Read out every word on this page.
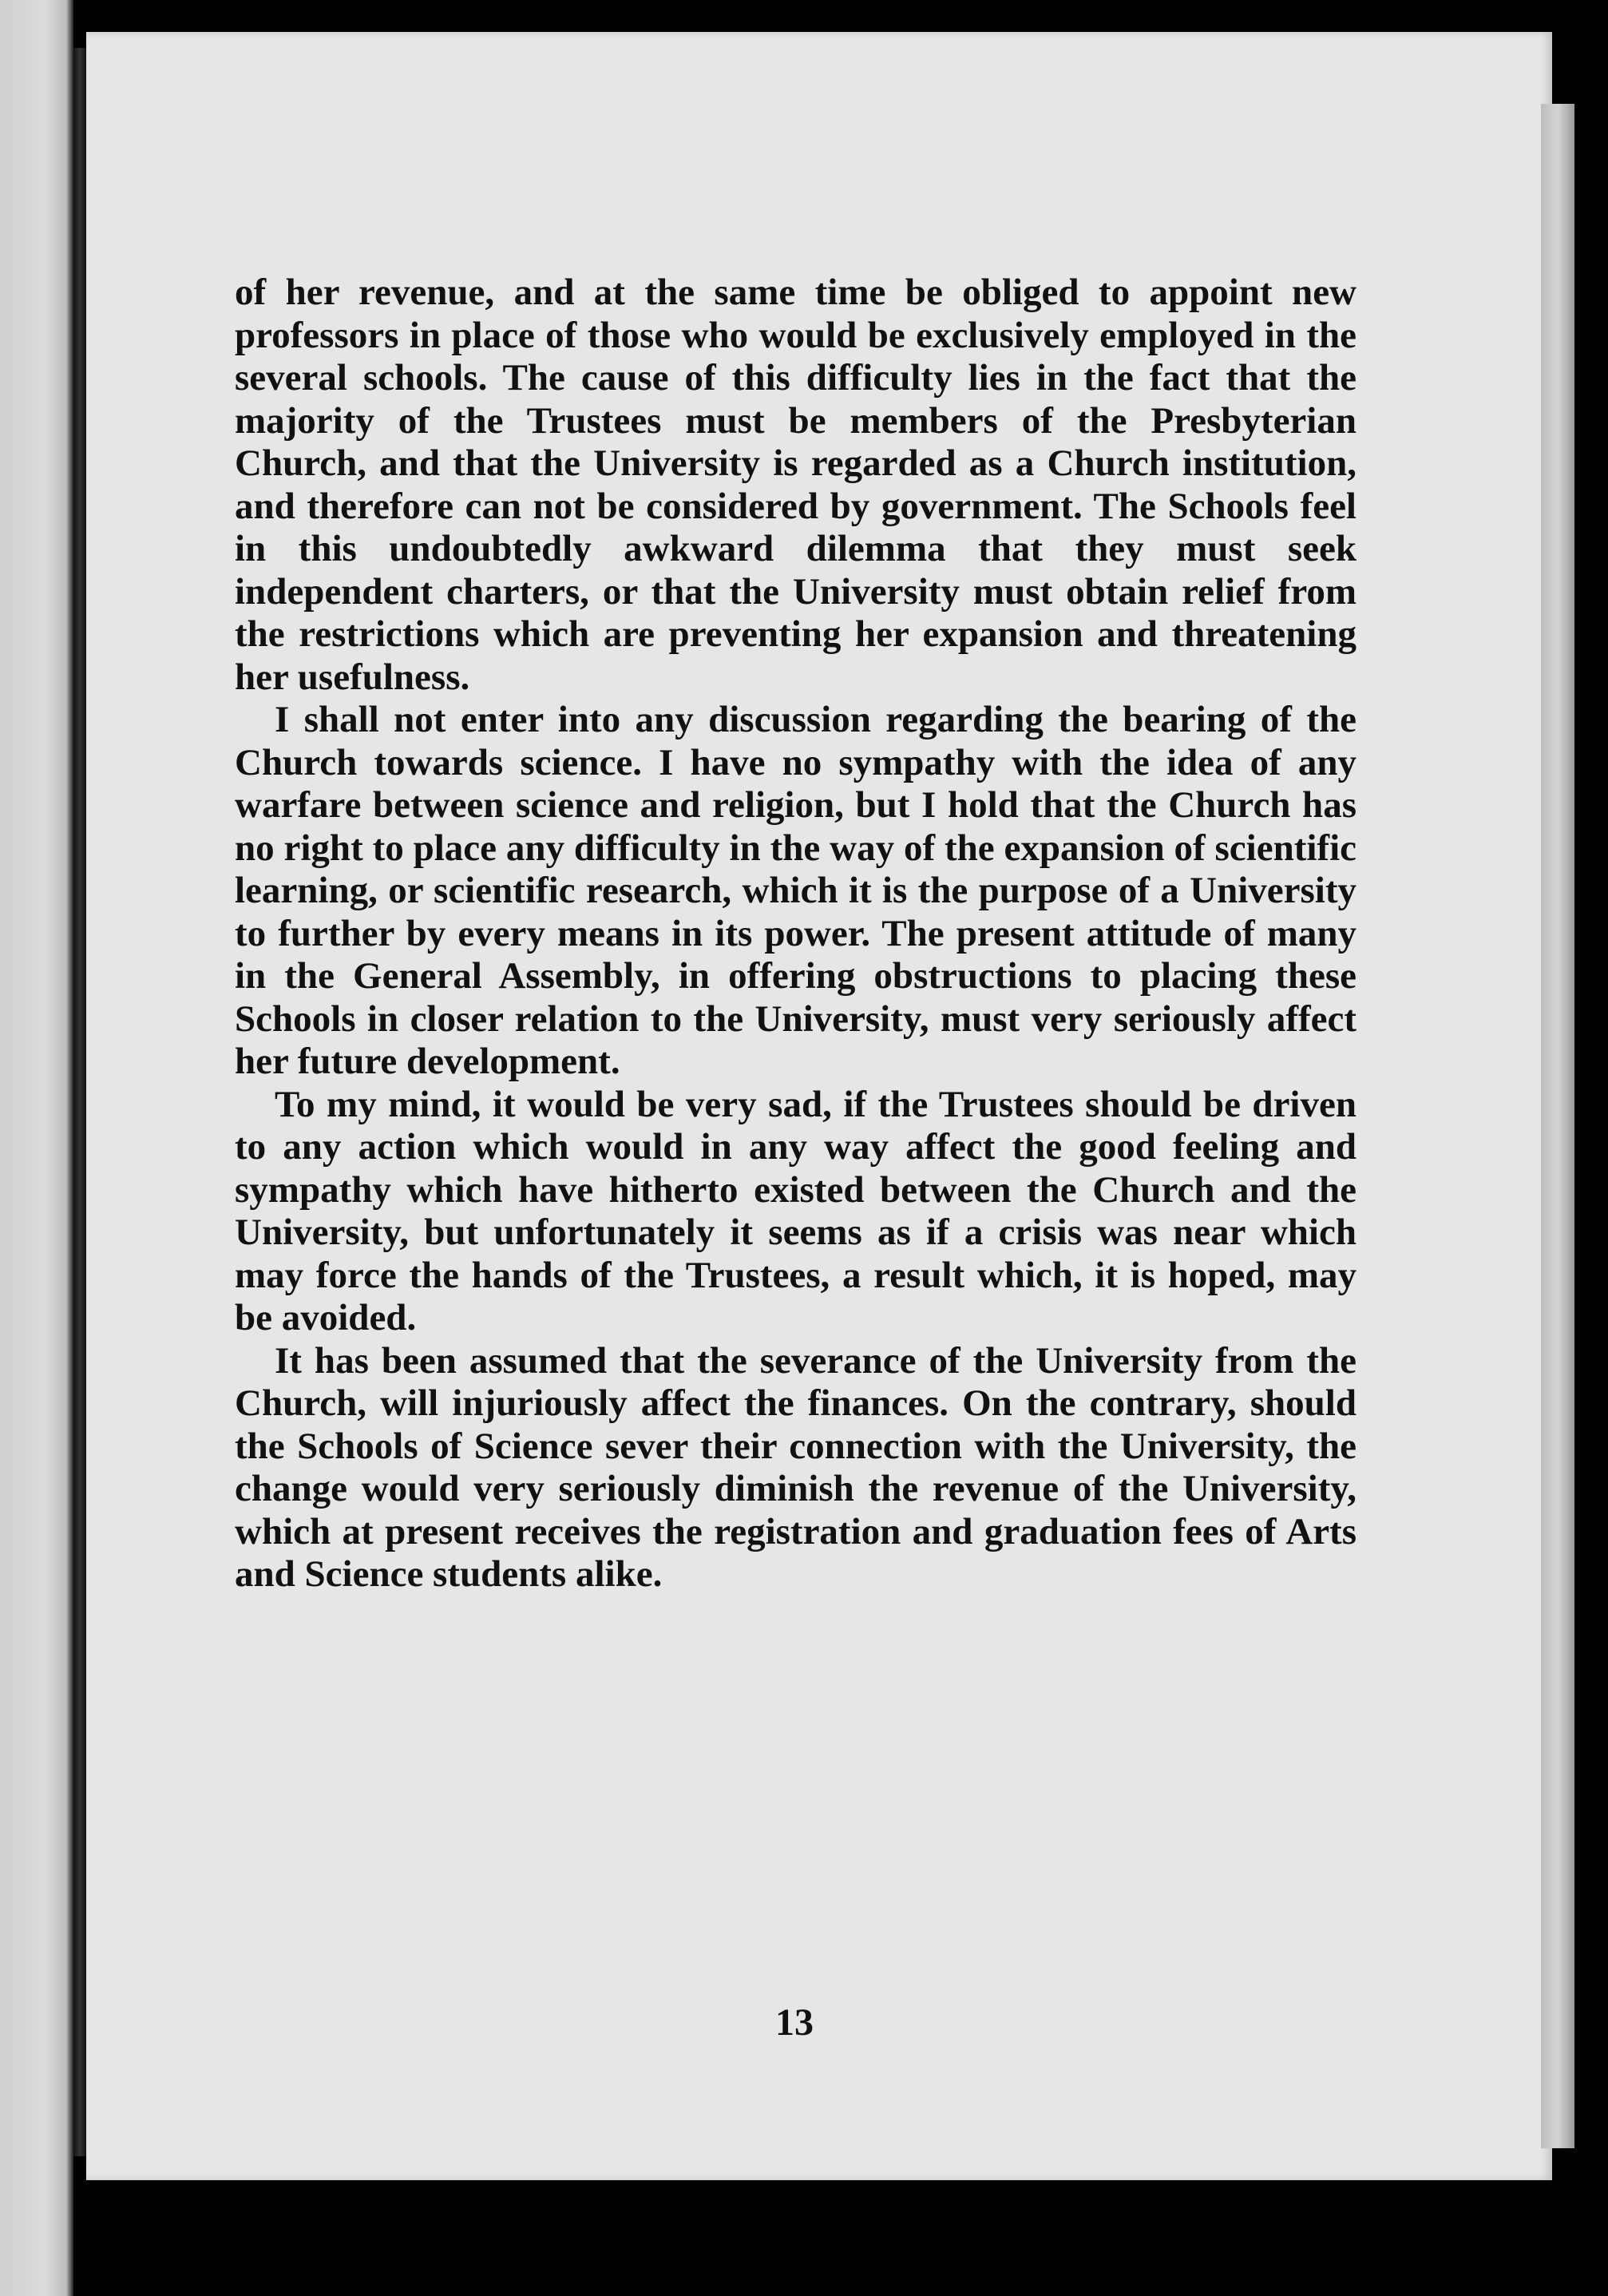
of her revenue, and at the same time be obliged to appoint new professors in place of those who would be exclusively employed in the several schools. The cause of this difficulty lies in the fact that the majority of the Trustees must be members of the Presbyterian Church, and that the University is regarded as a Church institution, and therefore can not be considered by government. The Schools feel in this undoubtedly awkward dilemma that they must seek independent charters, or that the University must obtain relief from the restrictions which are preventing her expansion and threatening her usefulness.

I shall not enter into any discussion regarding the bearing of the Church towards science. I have no sympathy with the idea of any warfare between science and religion, but I hold that the Church has no right to place any difficulty in the way of the expansion of scientific learning, or scientific research, which it is the purpose of a University to further by every means in its power. The present attitude of many in the General Assembly, in offering obstructions to placing these Schools in closer relation to the University, must very seriously affect her future development.

To my mind, it would be very sad, if the Trustees should be driven to any action which would in any way affect the good feeling and sympathy which have hitherto existed between the Church and the University, but unfortunately it seems as if a crisis was near which may force the hands of the Trustees, a result which, it is hoped, may be avoided.

It has been assumed that the severance of the University from the Church, will injuriously affect the finances. On the contrary, should the Schools of Science sever their connection with the University, the change would very seriously diminish the revenue of the University, which at present receives the registration and graduation fees of Arts and Science students alike.

13
